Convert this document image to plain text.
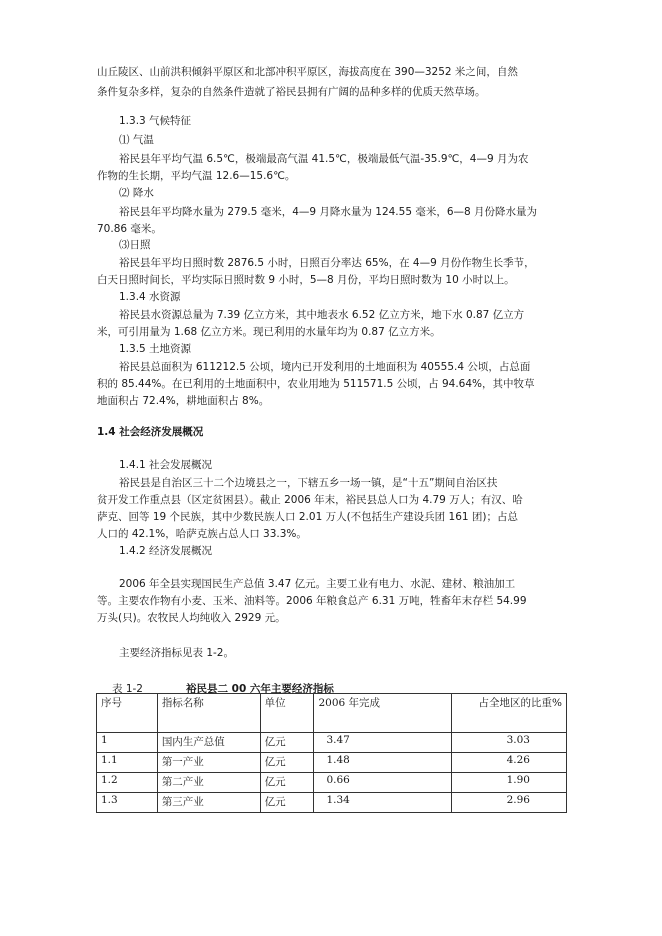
山丘陵区、山前洪积倾斜平原区和北部冲积平原区，海拔高度在 390—3252 米之间，自然
条件复杂多样，复杂的自然条件造就了裕民县拥有广阔的品种多样的优质天然草场。
1.3.3 气候特征
⑴ 气温
裕民县年平均气温 6.5℃，极端最高气温 41.5℃，极端最低气温-35.9℃，4—9 月为农
作物的生长期，平均气温 12.6—15.6℃。
⑵ 降水
裕民县年平均降水量为 279.5 毫米，4—9 月降水量为 124.55 毫米，6—8 月份降水量为
70.86 毫米。
⑶日照
裕民县年平均日照时数 2876.5 小时，日照百分率达 65%，在 4—9 月份作物生长季节，
白天日照时间长，平均实际日照时数 9 小时，5—8 月份，平均日照时数为 10 小时以上。
1.3.4 水资源
裕民县水资源总量为 7.39 亿立方米，其中地表水 6.52 亿立方米，地下水 0.87 亿立方
米，可引用量为 1.68 亿立方米。现已利用的水量年均为 0.87 亿立方米。
1.3.5 土地资源
裕民县总面积为 611212.5 公顷，境内已开发利用的土地面积为 40555.4 公顷，占总面
积的 85.44%。在已利用的土地面积中，农业用地为 511571.5 公顷，占 94.64%，其中牧草
地面积占 72.4%，耕地面积占 8%。
1.4 社会经济发展概况
1.4.1 社会发展概况
裕民县是自治区三十二个边境县之一，下辖五乡一场一镇，是“十五”期间自治区扶
贫开发工作重点县（区定贫困县）。截止 2006 年末，裕民县总人口为 4.79 万人；有汉、哈
萨克、回等 19 个民族，其中少数民族人口 2.01 万人(不包括生产建设兵团 161 团)；占总
人口的 42.1%，哈萨克族占总人口 33.3%。
1.4.2 经济发展概况
2006 年全县实现国民生产总值 3.47 亿元。主要工业有电力、水泥、建材、粮油加工
等。主要农作物有小麦、玉米、油料等。2006 年粮食总产 6.31 万吨，牲畜年末存栏 54.99
万头(只)。农牧民人均纯收入 2929 元。
主要经济指标见表 1-2。
表 1-2	裕民县二 00 六年主要经济指标
序号	指标名称	单位	2006 年完成	占全地区的比重%
1	国内生产总值	亿元	3.47	3.03
1.1	第一产业	亿元	1.48	4.26
1.2	第二产业	亿元	0.66	1.90
1.3	第三产业	亿元	1.34	2.96
